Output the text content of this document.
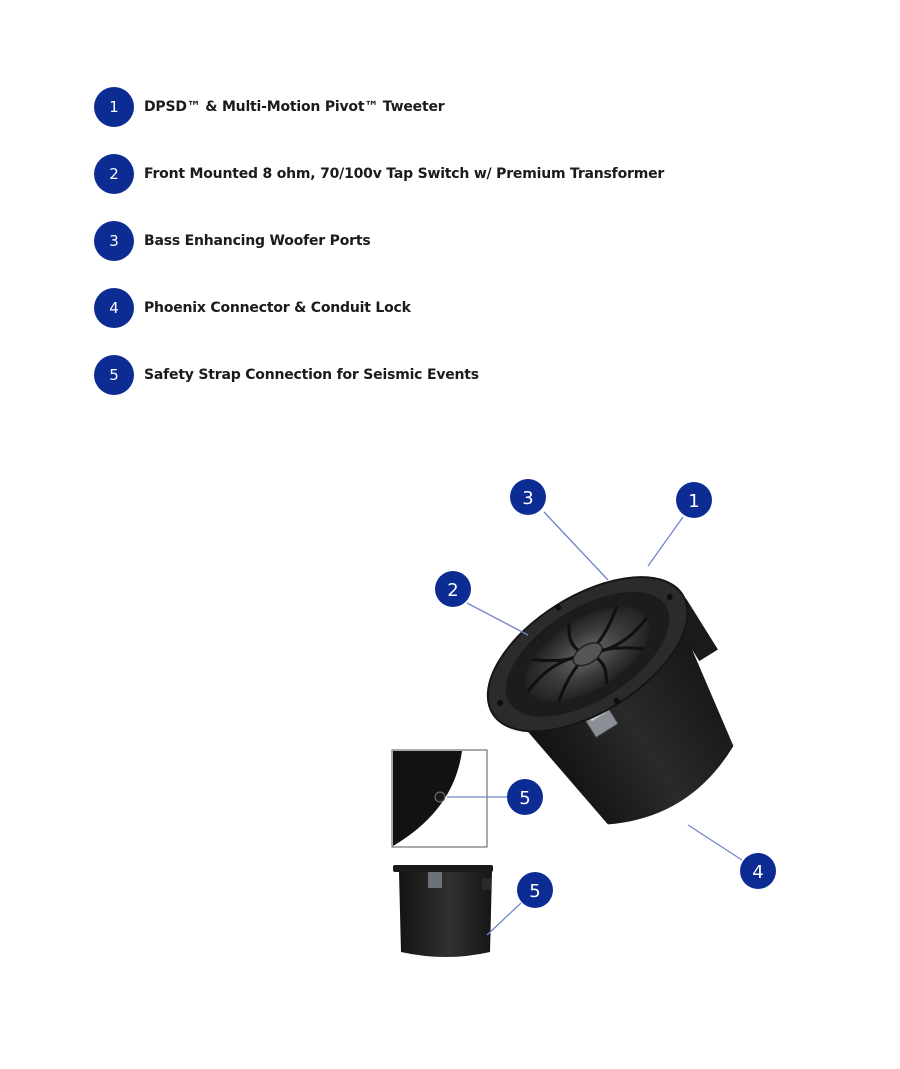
1	DPSD™ & Multi-Motion Pivot™ Tweeter
2	Front Mounted 8 ohm, 70/100v Tap Switch w/ Premium Transformer
3	Bass Enhancing Woofer Ports
4	Phoenix Connector & Conduit Lock
5	Safety Strap Connection for Seismic Events
3	1
2
4
5
5
